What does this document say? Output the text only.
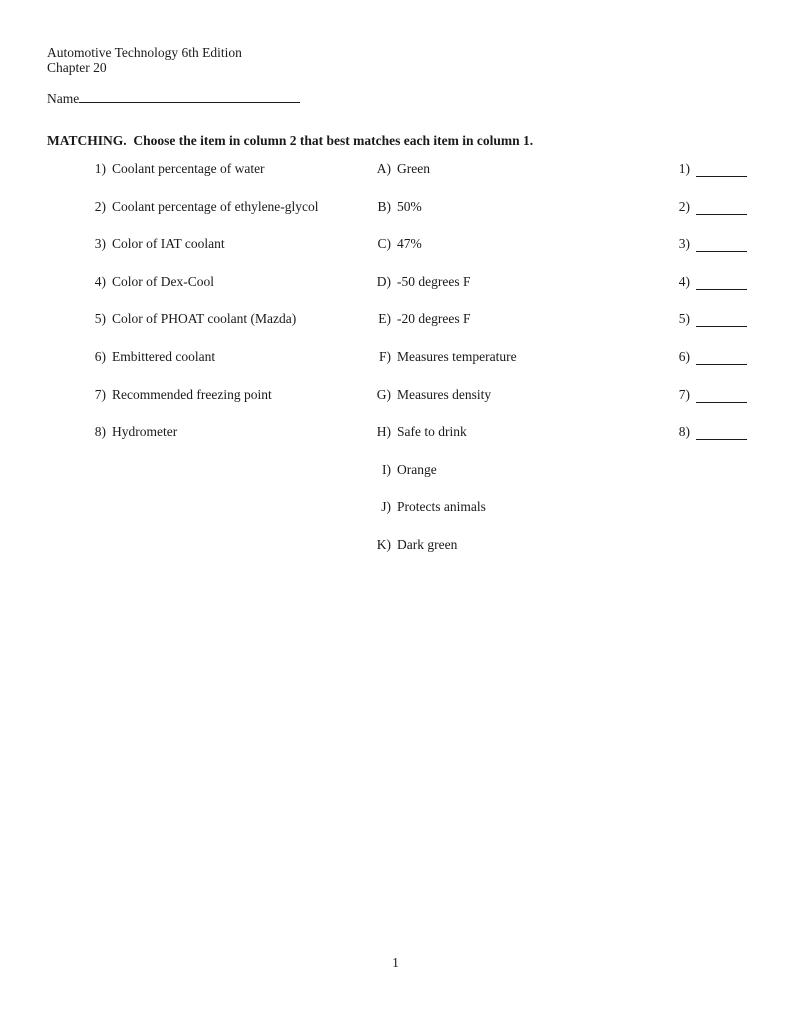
Automotive Technology 6th Edition
Chapter 20
Name
MATCHING.  Choose the item in column 2 that best matches each item in column 1.
1) Coolant percentage of water	A) Green	1)
2) Coolant percentage of ethylene-glycol	B) 50%	2)
3) Color of IAT coolant	C) 47%	3)
4) Color of Dex-Cool	D) -50 degrees F	4)
5) Color of PHOAT coolant (Mazda)	E) -20 degrees F	5)
6) Embittered coolant	F) Measures temperature	6)
7) Recommended freezing point	G) Measures density	7)
8) Hydrometer	H) Safe to drink	8)
I) Orange
J) Protects animals
K) Dark green
1
